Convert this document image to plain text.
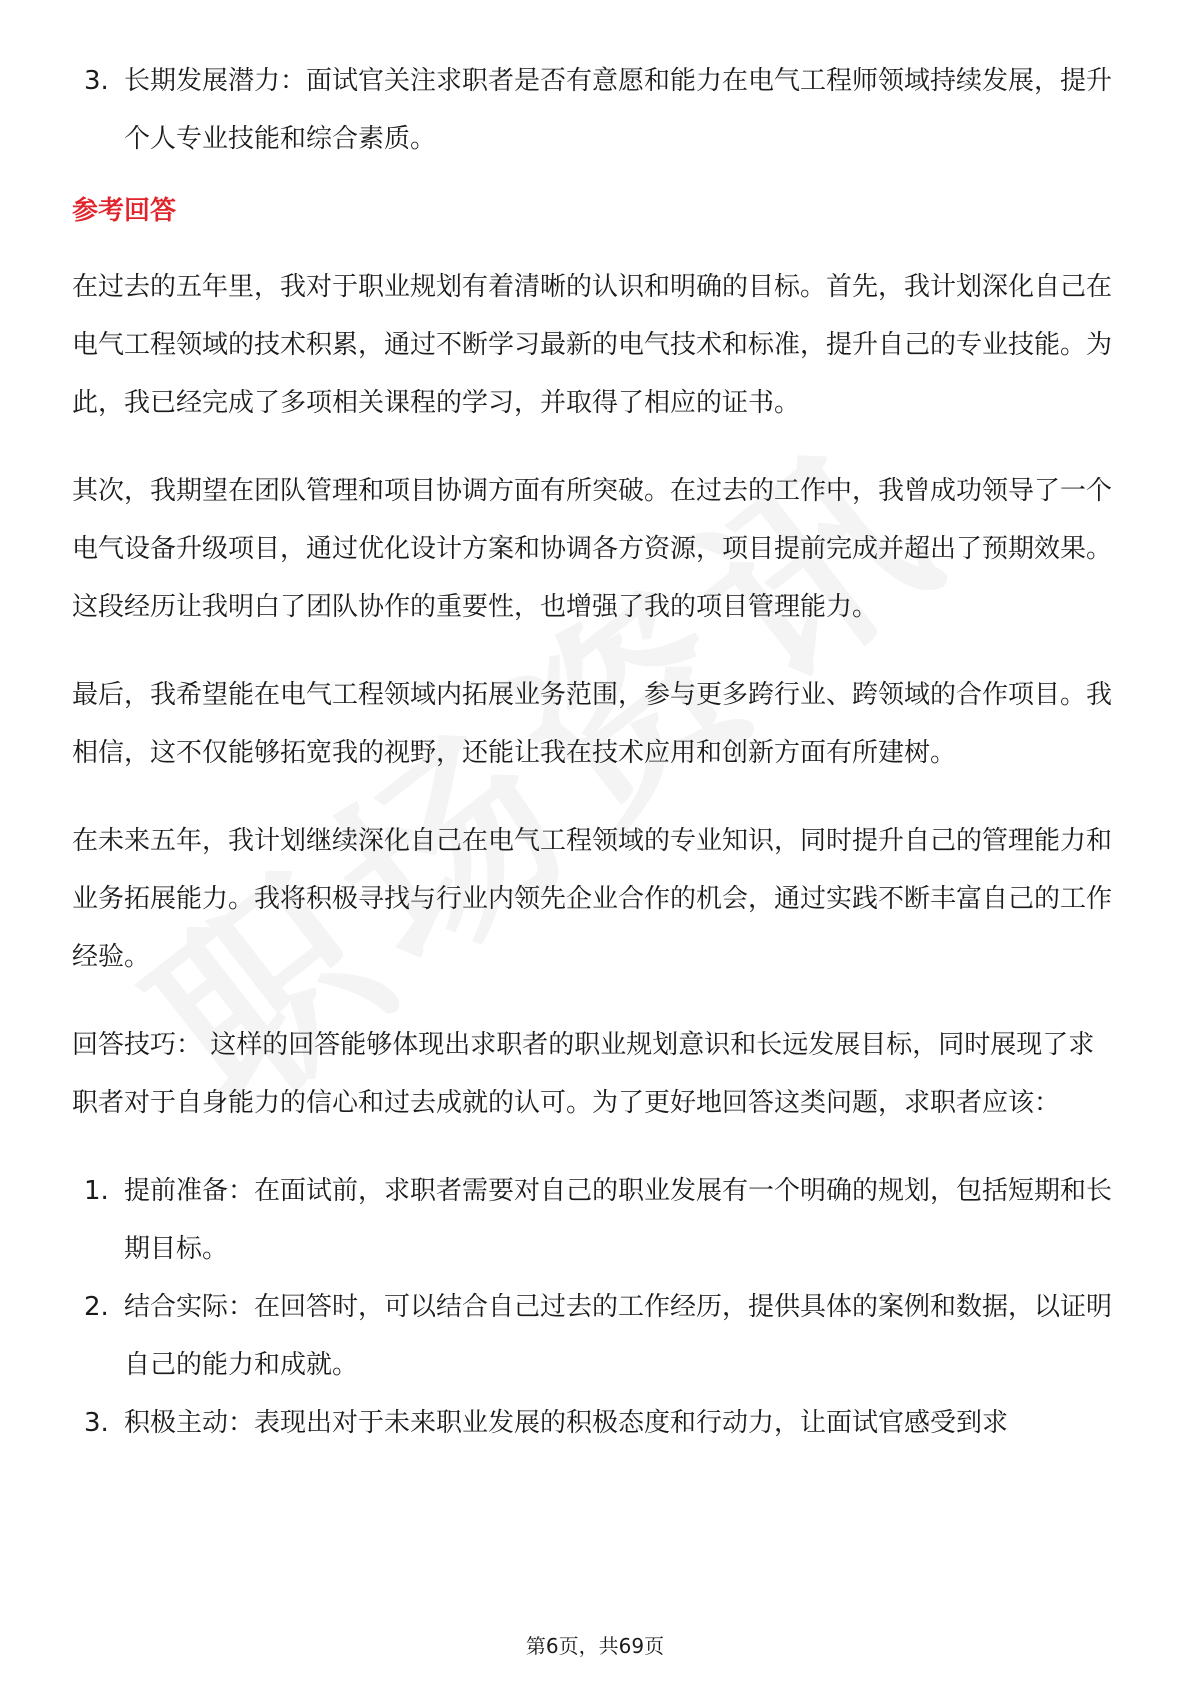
3. 长期发展潜力：面试官关注求职者是否有意愿和能力在电气工程师领域持续发展，提升个人专业技能和综合素质。

参考回答

在过去的五年里，我对于职业规划有着清晰的认识和明确的目标。首先，我计划深化自己在电气工程领域的技术积累，通过不断学习最新的电气技术和标准，提升自己的专业技能。为此，我已经完成了多项相关课程的学习，并取得了相应的证书。

其次，我期望在团队管理和项目协调方面有所突破。在过去的工作中，我曾成功领导了一个电气设备升级项目，通过优化设计方案和协调各方资源，项目提前完成并超出了预期效果。这段经历让我明白了团队协作的重要性，也增强了我的项目管理能力。

最后，我希望能在电气工程领域内拓展业务范围，参与更多跨行业、跨领域的合作项目。我相信，这不仅能够拓宽我的视野，还能让我在技术应用和创新方面有所建树。

在未来五年，我计划继续深化自己在电气工程领域的专业知识，同时提升自己的管理能力和业务拓展能力。我将积极寻找与行业内领先企业合作的机会，通过实践不断丰富自己的工作经验。

回答技巧： 这样的回答能够体现出求职者的职业规划意识和长远发展目标，同时展现了求职者对于自身能力的信心和过去成就的认可。为了更好地回答这类问题，求职者应该：

1. 提前准备：在面试前，求职者需要对自己的职业发展有一个明确的规划，包括短期和长期目标。

2. 结合实际：在回答时，可以结合自己过去的工作经历，提供具体的案例和数据，以证明自己的能力和成就。

3. 积极主动：表现出对于未来职业发展的积极态度和行动力，让面试官感受到求

第6页，共69页
